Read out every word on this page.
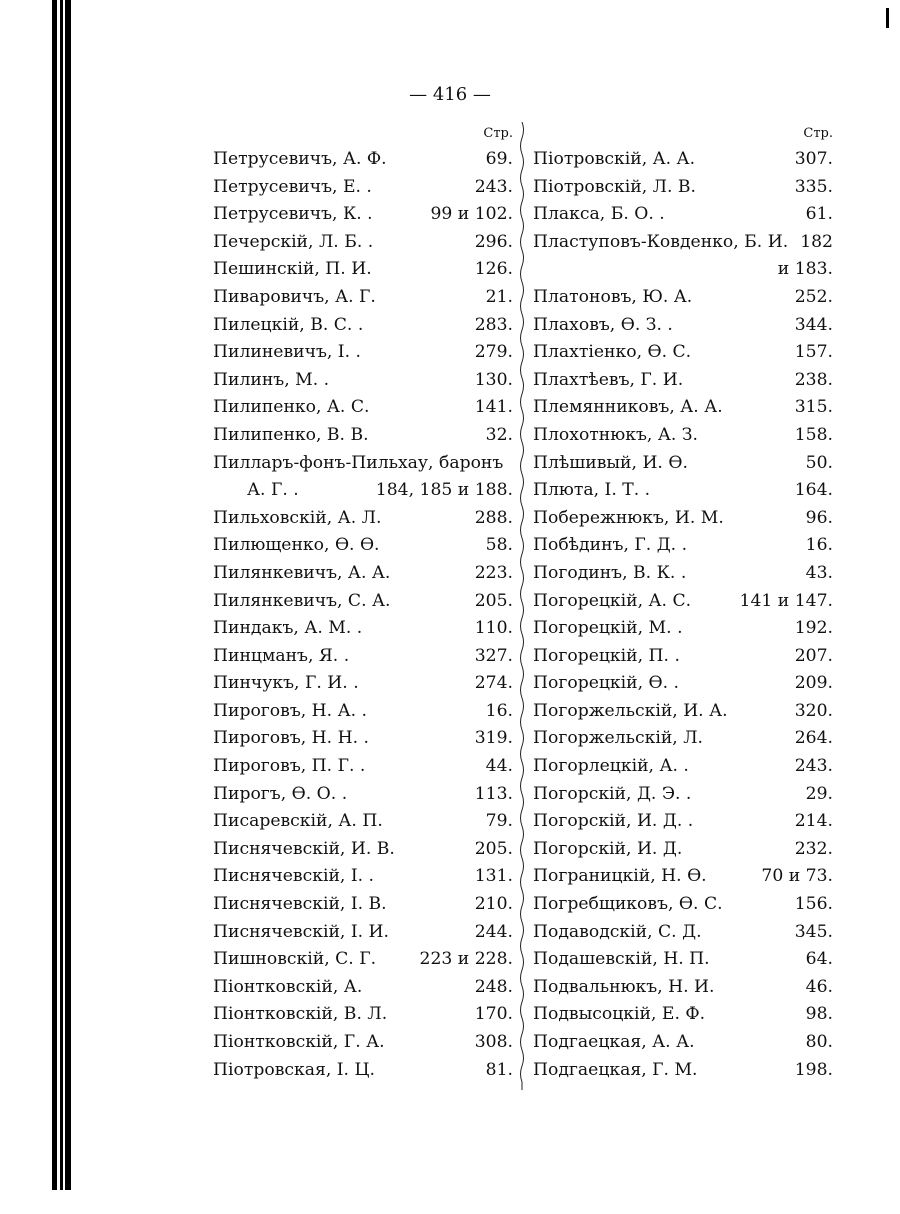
— 416 —
Стр.
Петрусевичъ, А. Ф.	69.
Петрусевичъ, Е. .	243.
Петрусевичъ, К. .	99 и 102.
Печерскій, Л. Б. .	296.
Пешинскій, П. И.	126.
Пиваровичъ, А. Г.	21.
Пилецкій, В. С. .	283.
Пилиневичъ, І. .	279.
Пилинъ, М. .	130.
Пилипенко, А. С.	141.
Пилипенко, В. В.	32.
Пилларъ-фонъ-Пильхау, баронъ
А. Г. .	184, 185 и 188.
Пильховскій, А. Л.	288.
Пилющенко, Ө. Ө.	58.
Пилянкевичъ, А. А.	223.
Пилянкевичъ, С. А.	205.
Пиндакъ, А. М. .	110.
Пинцманъ, Я. .	327.
Пинчукъ, Г. И. .	274.
Пироговъ, Н. А. .	16.
Пироговъ, Н. Н. .	319.
Пироговъ, П. Г. .	44.
Пирогъ, Ө. О. .	113.
Писаревскій, А. П.	79.
Писнячевскій, И. В.	205.
Писнячевскій, І. .	131.
Писнячевскій, І. В.	210.
Писнячевскій, І. И.	244.
Пишновскій, С. Г.	223 и 228.
Піонтковскій, А.	248.
Піонтковскій, В. Л.	170.
Піонтковскій, Г. А.	308.
Піотровская, І. Ц.	81.
Стр.
Піотровскій, А. А.	307.
Піотровскій, Л. В.	335.
Плакса, Б. О. .	61.
Пластуповъ-Ковденко, Б. И. 182
и 183.
Платоновъ, Ю. А.	252.
Плаховъ, Ө. З. .	344.
Плахтіенко, Ө. С.	157.
Плахтѣевъ, Г. И.	238.
Племянниковъ, А. А.	315.
Плохотнюкъ, А. З.	158.
Плѣшивый, И. Ө.	50.
Плюта, І. Т. .	164.
Побережнюкъ, И. М.	96.
Побѣдинъ, Г. Д. .	16.
Погодинъ, В. К. .	43.
Погорецкій, А. С.	141 и 147.
Погорецкій, М. .	192.
Погорецкій, П. .	207.
Погорецкій, Ө. .	209.
Погоржельскій, И. А.	320.
Погоржельскій, Л.	264.
Погорлецкій, А. .	243.
Погорскій, Д. Э. .	29.
Погорскій, И. Д. .	214.
Погорскій, И. Д.	232.
Пограницкій, Н. Ө.	70 и 73.
Погребщиковъ, Ө. С.	156.
Подаводскій, С. Д.	345.
Подашевскій, Н. П.	64.
Подвальнюкъ, Н. И.	46.
Подвысоцкій, Е. Ф.	98.
Подгаецкая, А. А.	80.
Подгаецкая, Г. М.	198.
